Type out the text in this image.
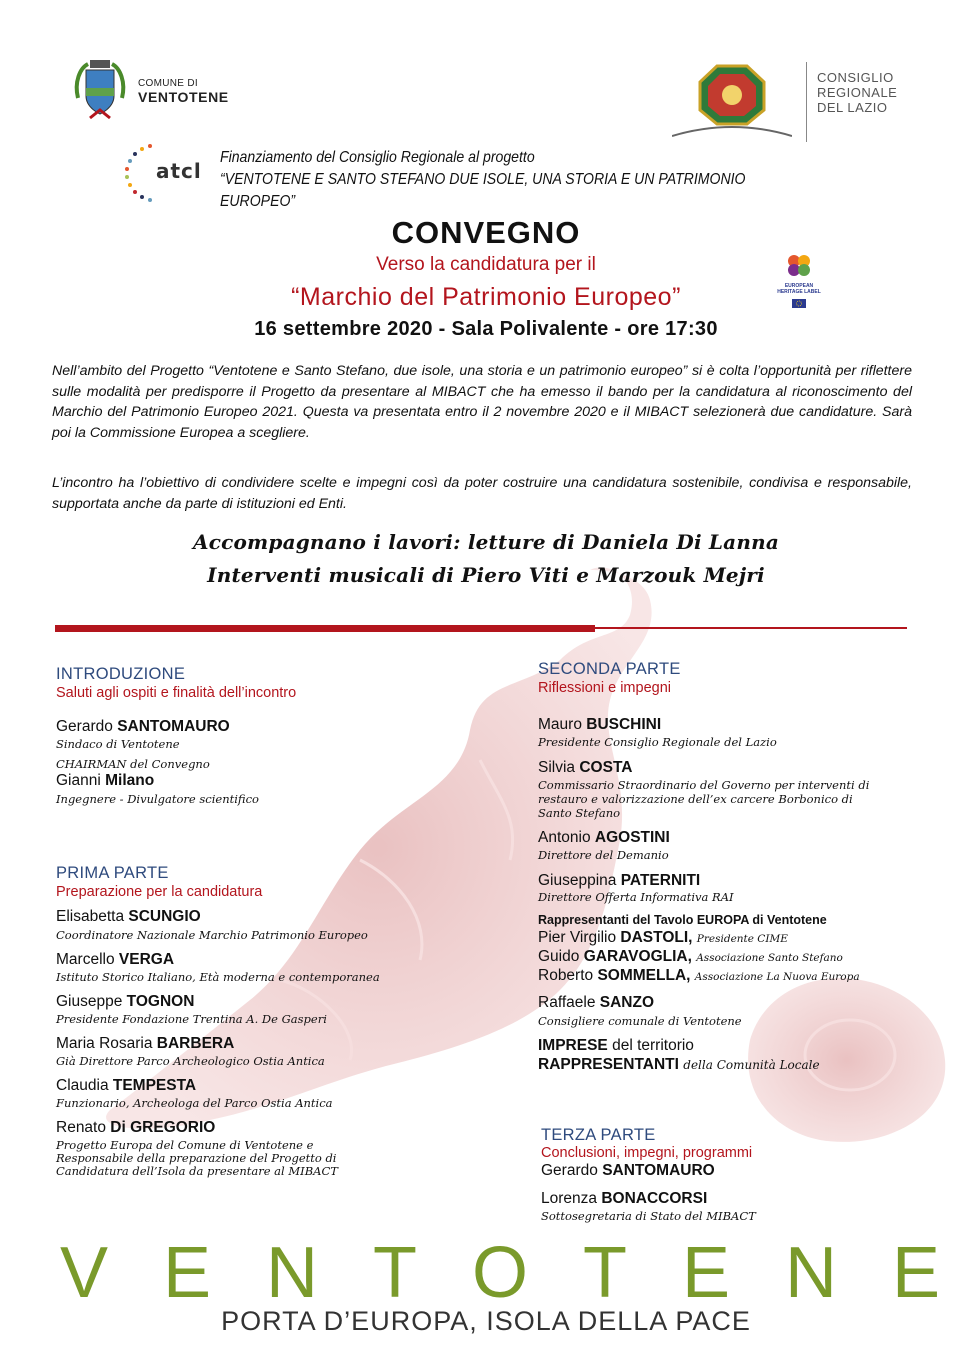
COMUNE DI
VENTOTENE
CONSIGLIO
REGIONALE
DEL LAZIO
atcl
Finanziamento del Consiglio Regionale al progetto
“VENTOTENE E SANTO STEFANO DUE ISOLE, UNA STORIA E UN PATRIMONIO EUROPEO”
CONVEGNO
Verso la candidatura per il
“Marchio del Patrimonio Europeo”	EUROPEAN
HERITAGE LABEL
16 settembre 2020 - Sala Polivalente - ore 17:30
Nell’ambito del Progetto “Ventotene e Santo Stefano, due isole, una storia e un patrimonio europeo” si è colta l’opportunità per riflettere sulle modalità per predisporre il Progetto da presentare al MIBACT che ha emesso il bando per la candidatura al riconoscimento del Marchio del Patrimonio Europeo 2021. Questa va presentata entro il 2 novembre 2020 e il MIBACT selezionerà due candidature. Sarà poi la Commissione Europea a scegliere.
L’incontro ha l’obiettivo di condividere scelte e impegni così da poter costruire una candidatura sostenibile, condivisa e responsabile, supportata anche da parte di istituzioni ed Enti.
Accompagnano i lavori: letture di Daniela Di Lanna
Interventi musicali di Piero Viti e Marzouk Mejri
INTRODUZIONE
Saluti agli ospiti e finalità dell’incontro
Gerardo SANTOMAURO
Sindaco di Ventotene
CHAIRMAN del Convegno
Gianni Milano
Ingegnere - Divulgatore scientifico
PRIMA PARTE
Preparazione per la candidatura
Elisabetta SCUNGIO
Coordinatore Nazionale Marchio Patrimonio Europeo
Marcello VERGA
Istituto Storico Italiano, Età moderna e contemporanea
Giuseppe TOGNON
Presidente Fondazione Trentina A. De Gasperi
Maria Rosaria BARBERA
Già Direttore Parco Archeologico Ostia Antica
Claudia TEMPESTA
Funzionario, Archeologa del Parco Ostia Antica
Renato Di GREGORIO
Progetto Europa del Comune di Ventotene e
Responsabile della preparazione del Progetto di
Candidatura dell’Isola da presentare al MIBACT
SECONDA PARTE
Riflessioni e impegni
Mauro BUSCHINI
Presidente Consiglio Regionale del Lazio
Silvia COSTA
Commissario Straordinario del Governo per interventi di
restauro e valorizzazione dell’ex carcere Borbonico di
Santo Stefano
Antonio AGOSTINI
Direttore del Demanio
Giuseppina PATERNITI
Direttore Offerta Informativa RAI
Rappresentanti del Tavolo EUROPA di Ventotene
Pier Virgilio DASTOLI, Presidente CIME
Guido GARAVOGLIA, Associazione Santo Stefano
Roberto SOMMELLA, Associazione La Nuova Europa
Raffaele SANZO
Consigliere comunale di Ventotene
IMPRESE del territorio
RAPPRESENTANTI della Comunità Locale
TERZA PARTE
Conclusioni, impegni, programmi
Gerardo SANTOMAURO
Lorenza BONACCORSI
Sottosegretaria di Stato del MIBACT
V E N T O T E N E
PORTA D’EUROPA, ISOLA DELLA PACE
